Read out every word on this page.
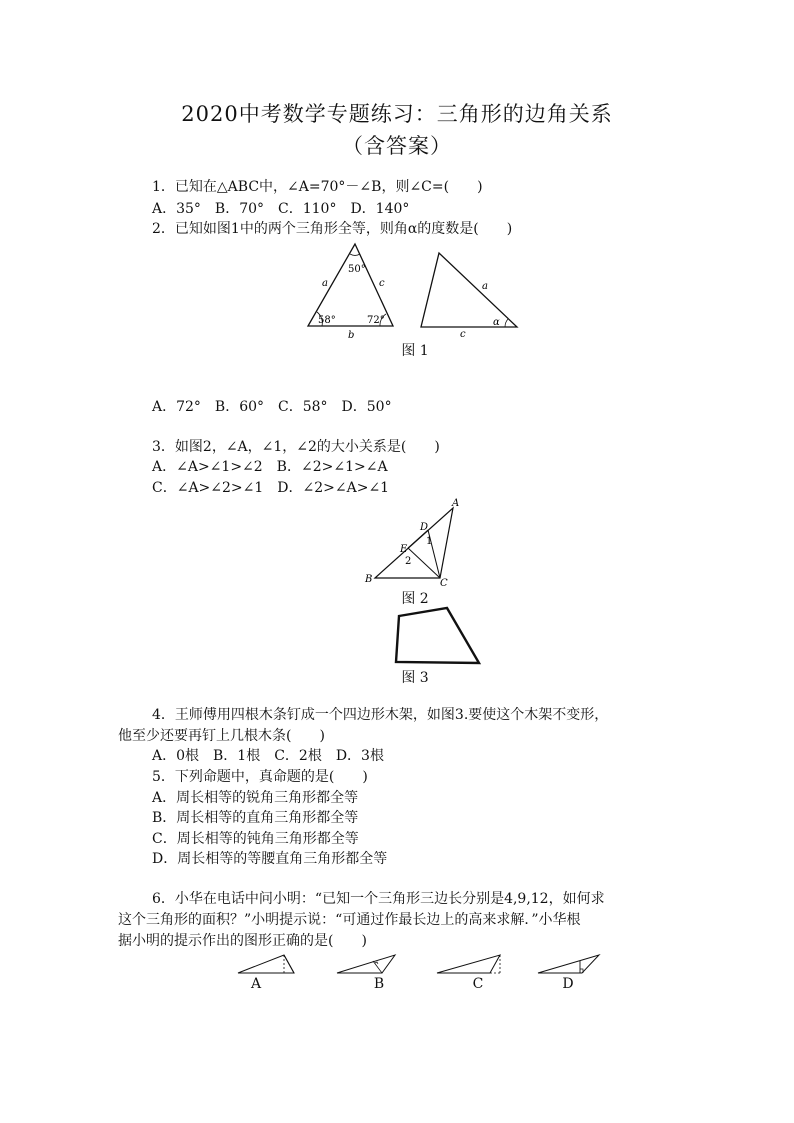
2020中考数学专题练习：三角形的边角关系
（含答案）
1．已知在△ABC中，∠A=70°－∠B，则∠C=(　　)
A．35°　B．70°　C．110°　D．140°
2．已知如图1中的两个三角形全等，则角α的度数是(　　)
50°
58°	72°
a	c
b
a
c
α
图 1
A．72°　B．60°　C．58°　D．50°
3．如图2，∠A，∠1，∠2的大小关系是(　　)
A．∠A>∠1>∠2　B．∠2>∠1>∠A
C．∠A>∠2>∠1　D．∠2>∠A>∠1
A
B	C
D
E
1
2
图 2
图 3
4．王师傅用四根木条钉成一个四边形木架，如图3.要使这个木架不变形，
他至少还要再钉上几根木条(　　)
A．0根　B．1根　C．2根　D．3根
5．下列命题中，真命题的是(　　)
A．周长相等的锐角三角形都全等
B．周长相等的直角三角形都全等
C．周长相等的钝角三角形都全等
D．周长相等的等腰直角三角形都全等
6．小华在电话中问小明：“已知一个三角形三边长分别是4,9,12，如何求
这个三角形的面积？”小明提示说：“可通过作最长边上的高来求解．”小华根
据小明的提示作出的图形正确的是(　　)
A	B	C	D
